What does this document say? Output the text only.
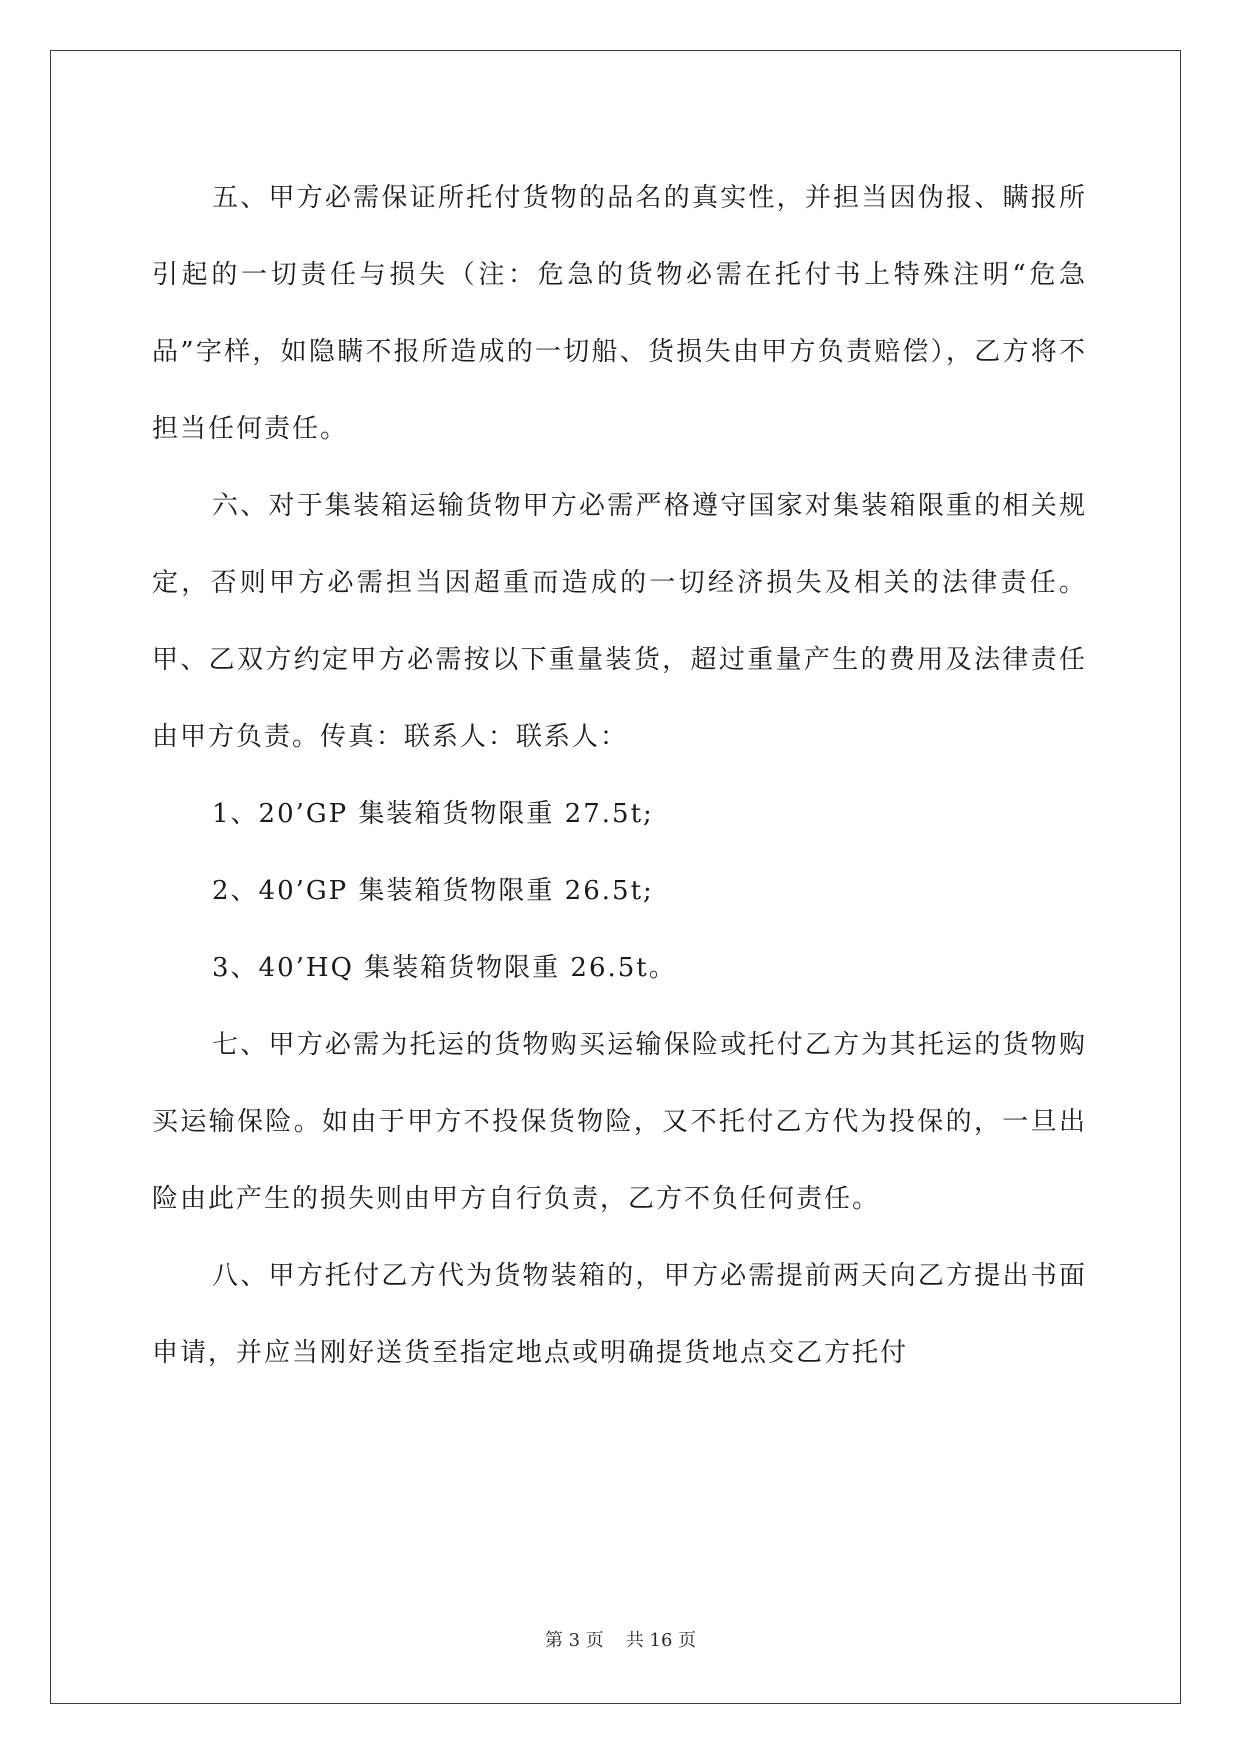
五、甲方必需保证所托付货物的品名的真实性，并担当因伪报、瞒报所引起的一切责任与损失（注：危急的货物必需在托付书上特殊注明“危急品”字样，如隐瞒不报所造成的一切船、货损失由甲方负责赔偿），乙方将不担当任何责任。

六、对于集装箱运输货物甲方必需严格遵守国家对集装箱限重的相关规定，否则甲方必需担当因超重而造成的一切经济损失及相关的法律责任。甲、乙双方约定甲方必需按以下重量装货，超过重量产生的费用及法律责任由甲方负责。传真：联系人：联系人：

1、20’GP 集装箱货物限重 27.5t;

2、40’GP 集装箱货物限重 26.5t;

3、40’HQ 集装箱货物限重 26.5t。

七、甲方必需为托运的货物购买运输保险或托付乙方为其托运的货物购买运输保险。如由于甲方不投保货物险，又不托付乙方代为投保的，一旦出险由此产生的损失则由甲方自行负责，乙方不负任何责任。

八、甲方托付乙方代为货物装箱的，甲方必需提前两天向乙方提出书面申请，并应当刚好送货至指定地点或明确提货地点交乙方托付

第 3 页 共 16 页
